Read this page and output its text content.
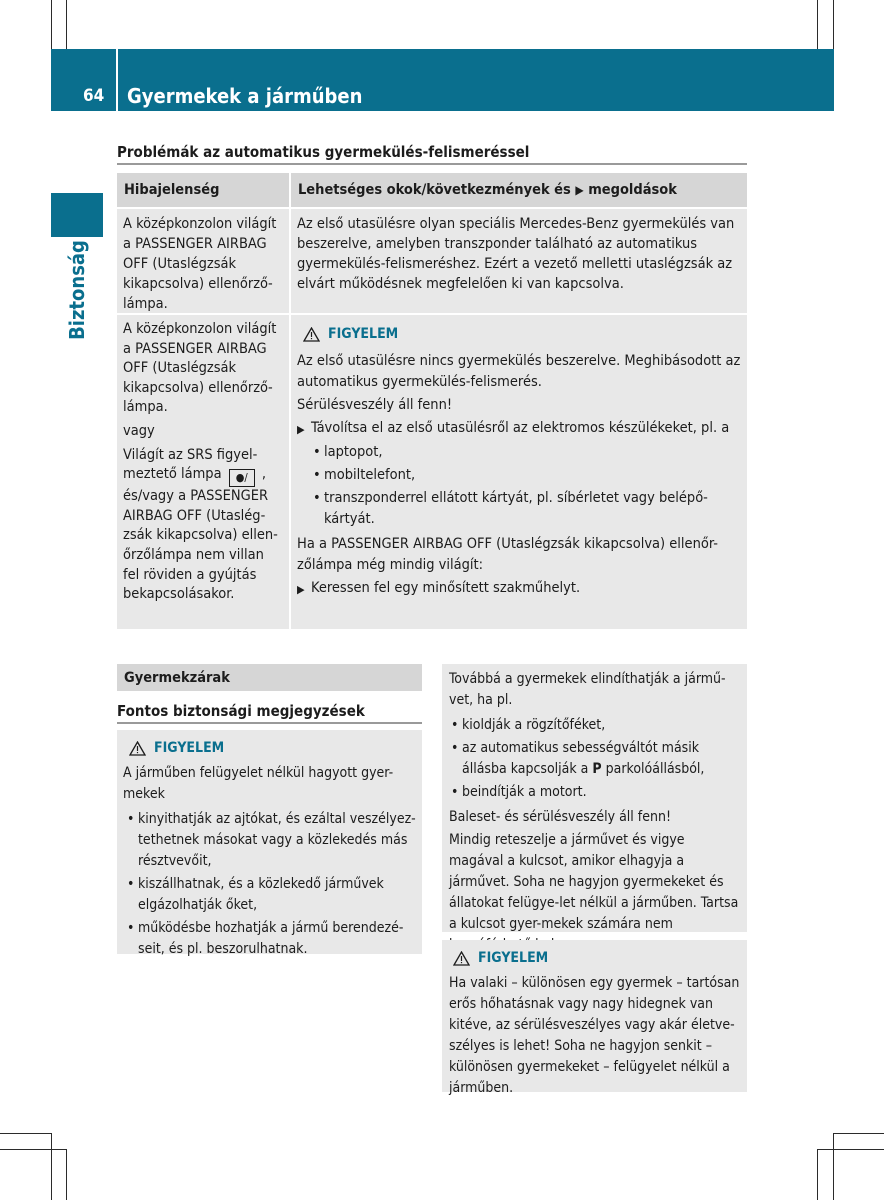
64 Gyermekek a járműben
Biztonság
Problémák az automatikus gyermekülés-felismeréssel
Hibajelenség	Lehetséges okok/következmények és ▶ megoldások

A középkonzolon világít a PASSENGER AIRBAG OFF (Utaslégzsák kikapcsolva) ellenőrző-lámpa.

Az első utasülésre olyan speciális Mercedes-Benz gyermekülés van beszerelve, amelyben transzponder található az automatikus gyermekülés-felismeréshez. Ezért a vezető melletti utaslégzsák az elvárt működésnek megfelelően ki van kapcsolva.

A középkonzolon világít a PASSENGER AIRBAG OFF (Utaslégzsák kikapcsolva) ellenőrző-lámpa.

vagy

Világít az SRS figyel-meztető lámpa ●∕ , és/vagy a PASSENGER AIRBAG OFF (Utaslég-zsák kikapcsolva) ellen-őrzőlámpa nem villan fel röviden a gyújtás bekapcsolásakor.

FIGYELEM

Az első utasülésre nincs gyermekülés beszerelve. Meghibásodott az automatikus gyermekülés-felismerés.

Sérülésveszély áll fenn!

▶ Távolítsa el az első utasülésről az elektromos készülékeket, pl. a
• laptopot,
• mobiltelefont,
• transzponderrel ellátott kártyát, pl. síbérletet vagy belépő-kártyát.

Ha a PASSENGER AIRBAG OFF (Utaslégzsák kikapcsolva) ellenőr-zőlámpa még mindig világít:

▶ Keressen fel egy minősített szakműhelyt.
Gyermekzárak
Fontos biztonsági megjegyzések
FIGYELEM

A járműben felügyelet nélkül hagyott gyer-mekek

• kinyithatják az ajtókat, és ezáltal veszélyez-tethetnek másokat vagy a közlekedés más résztvevőit,
• kiszállhatnak, és a közlekedő járművek elgázolhatják őket,
• működésbe hozhatják a jármű berendezé-seit, és pl. beszorulhatnak.

Továbbá a gyermekek elindíthatják a jármű-vet, ha pl.

• kioldják a rögzítőféket,
• az automatikus sebességváltót másik állásba kapcsolják a P parkolóállásból,
• beindítják a motort.

Baleset- és sérülésveszély áll fenn!

Mindig reteszelje a járművet és vigye magával a kulcsot, amikor elhagyja a járművet. Soha ne hagyjon gyermekeket és állatokat felügye-let nélkül a járműben. Tartsa a kulcsot gyer-mekek számára nem

FIGYELEM

Ha valaki – különösen egy gyermek – tartósan erős hőhatásnak vagy nagy hidegnek van kitéve, az sérülésveszélyes vagy akár életve-szélyes is lehet! Soha ne hagyjon senkit – különösen gyermekeket – felügyelet nélkül a járműben.
